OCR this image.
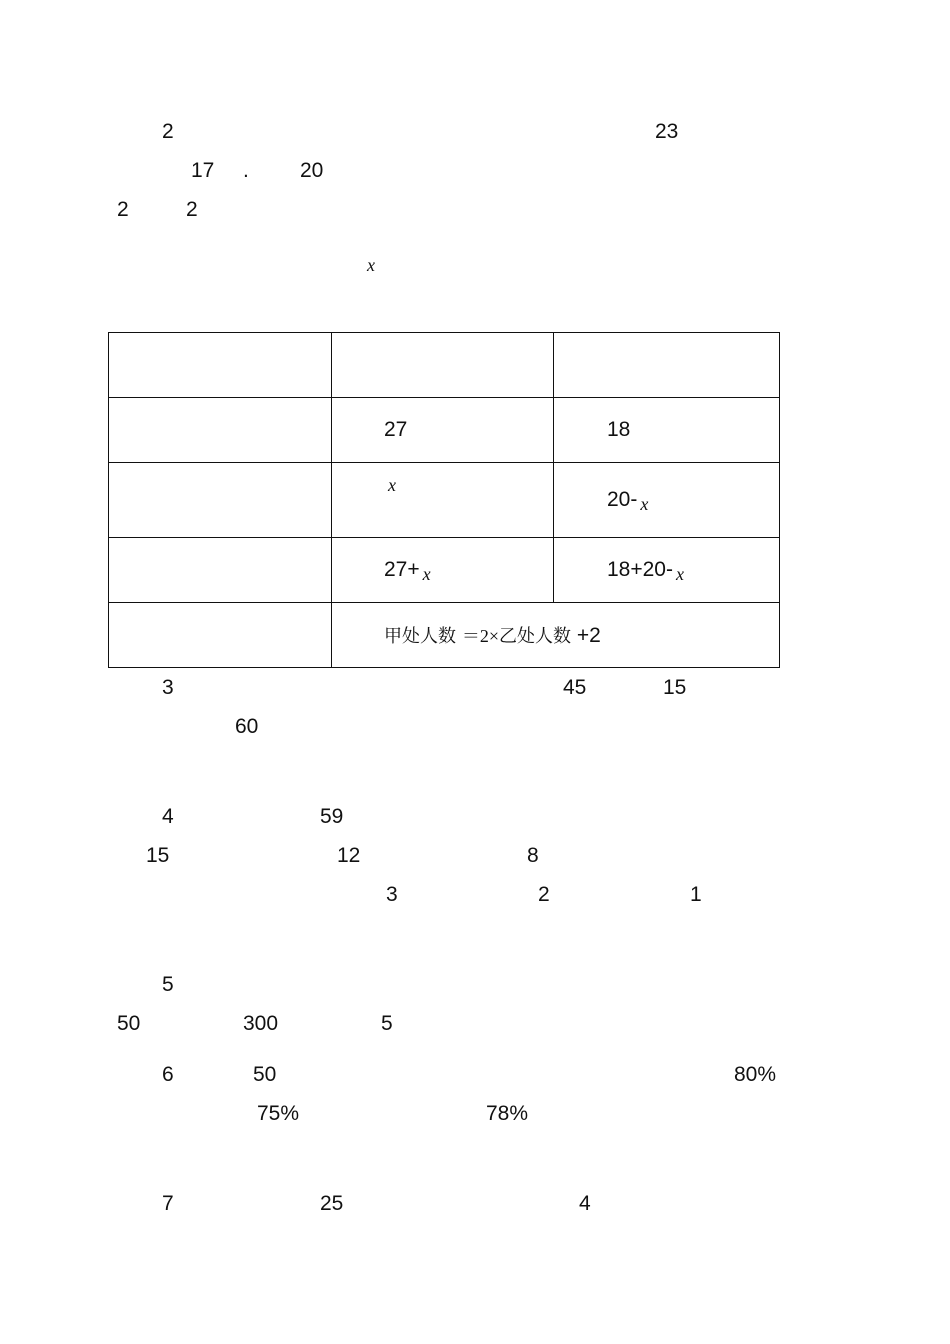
2	23
17 . 20
2	2
x

	27	18
	x	20- x
	27+ x	18+20- x
	甲处人数 ＝2×乙处人数 +2	
3	45	15
60
4	59
15	12	8
3	2	1
5
50	300	5
6	50	80%
75%	78%
7	25	4
